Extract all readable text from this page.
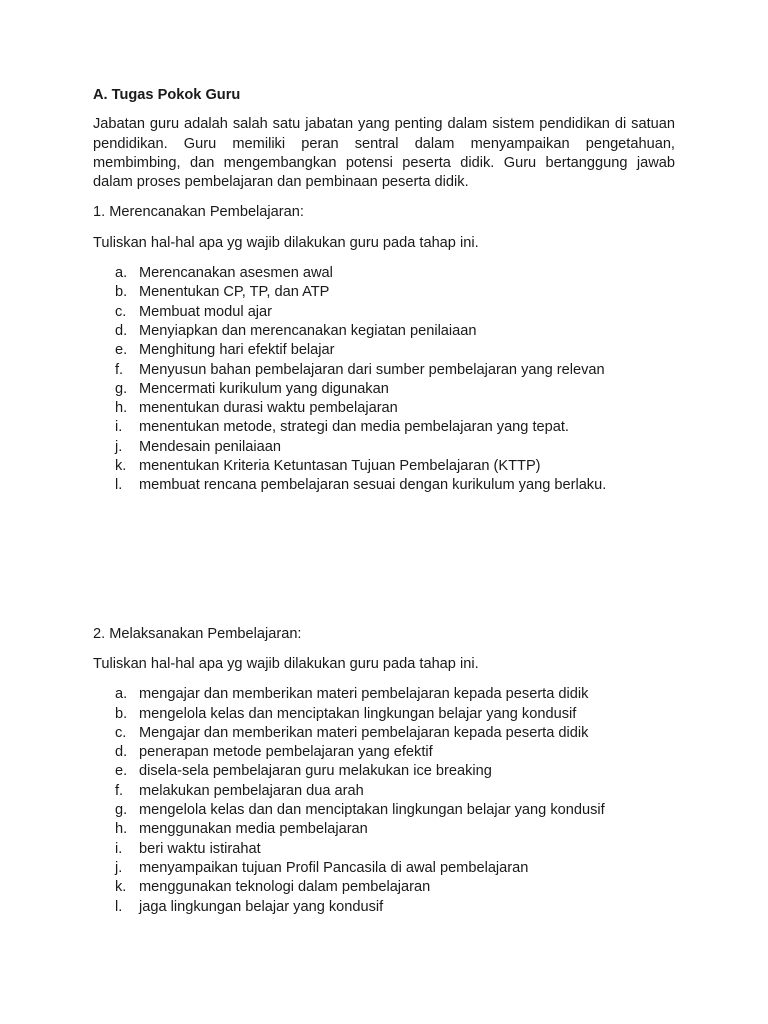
A. Tugas Pokok Guru
Jabatan guru adalah salah satu jabatan yang penting dalam sistem pendidikan di satuan pendidikan. Guru memiliki peran sentral dalam menyampaikan pengetahuan, membimbing, dan mengembangkan potensi peserta didik. Guru bertanggung jawab dalam proses pembelajaran dan pembinaan peserta didik.
1. Merencanakan Pembelajaran:
Tuliskan hal-hal apa yg wajib dilakukan guru pada tahap ini.
a. Merencanakan asesmen awal
b. Menentukan CP, TP, dan ATP
c. Membuat modul ajar
d. Menyiapkan dan merencanakan kegiatan penilaiaan
e. Menghitung hari efektif belajar
f.	Menyusun bahan pembelajaran dari sumber pembelajaran yang relevan
g. Mencermati kurikulum yang digunakan
h. menentukan durasi waktu pembelajaran
i.	menentukan metode, strategi dan media pembelajaran yang tepat.
j.	Mendesain penilaiaan
k. menentukan Kriteria Ketuntasan Tujuan Pembelajaran (KTTP)
l.	membuat rencana pembelajaran sesuai dengan kurikulum yang berlaku.
2. Melaksanakan Pembelajaran:
Tuliskan hal-hal apa yg wajib dilakukan guru pada tahap ini.
a. mengajar dan memberikan materi pembelajaran kepada peserta didik
b. mengelola kelas dan menciptakan lingkungan belajar yang kondusif
c. Mengajar dan memberikan materi pembelajaran kepada peserta didik
d. penerapan metode pembelajaran yang efektif
e. disela-sela pembelajaran guru melakukan ice breaking
f.	melakukan pembelajaran dua arah
g. mengelola kelas dan dan menciptakan lingkungan belajar yang kondusif
h. menggunakan media pembelajaran
i.	beri waktu istirahat
j.	menyampaikan tujuan Profil Pancasila di awal pembelajaran
k. menggunakan teknologi dalam pembelajaran
l.	jaga lingkungan belajar yang kondusif
